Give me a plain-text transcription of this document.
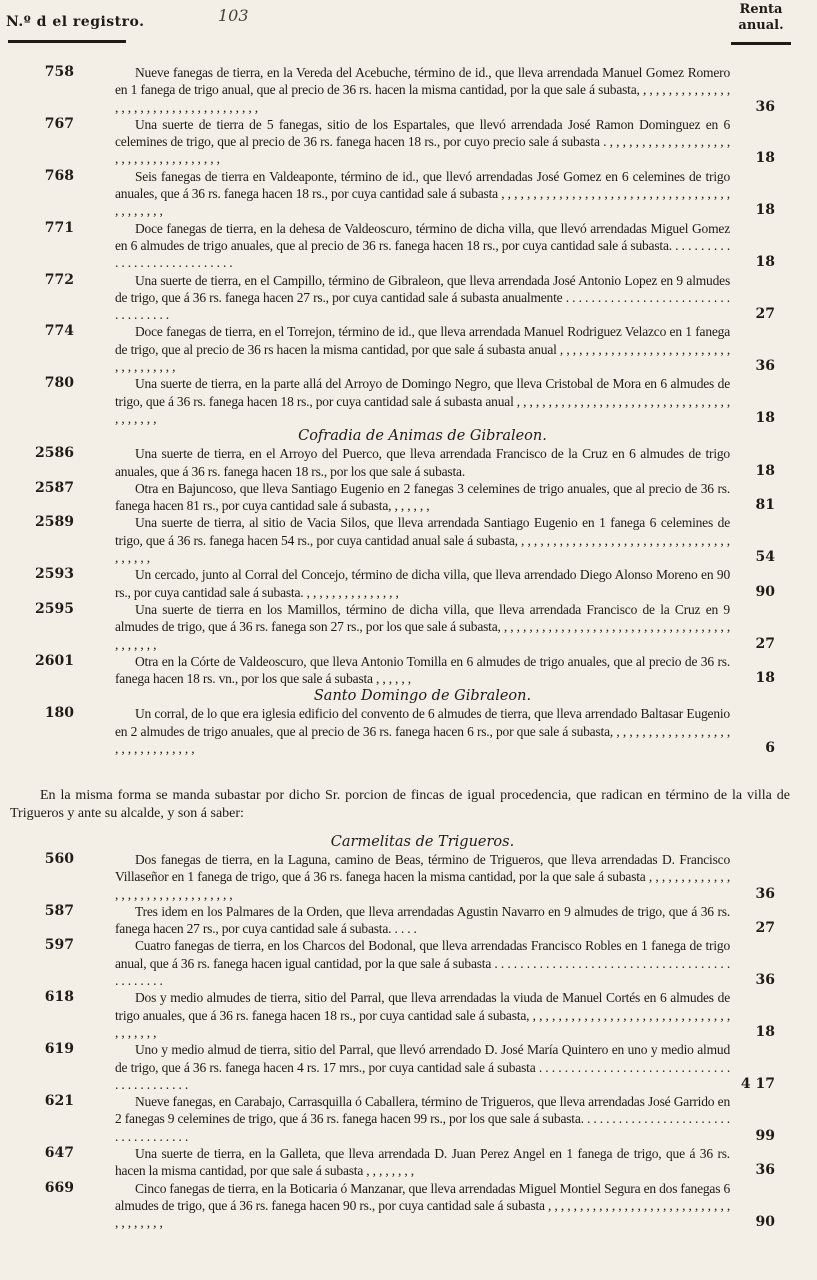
N.º d el registro.	103	Renta
anual.
758	Nueve fanegas de tierra, en la Vereda del Acebuche, término de id., que lleva arrendada Manuel Gomez Romero en 1 fanega de trigo anual, que al precio de 36 rs. hacen la misma cantidad, por la que sale á subasta, , , , , , , , , , , , , , , , , , , , , , , , , , , , , , , , , , , , , ,	36
767	Una suerte de tierra de 5 fanegas, sitio de los Espartales, que llevó arrendada José Ramon Dominguez en 6 celemines de trigo, que al precio de 36 rs. fanega hacen 18 rs., por cuyo precio sale á subasta . , , , , , , , , , , , , , , , , , , , , , , , , , , , , , , , , , , , ,	18
768	Seis fanegas de tierra en Valdeaponte, término de id., que llevó arrendadas José Gomez en 6 celemines de trigo anuales, que á 36 rs. fanega hacen 18 rs., por cuya cantidad sale á subasta , , , , , , , , , , , , , , , , , , , , , , , , , , , , , , , , , , , , , , , , , , , ,	18
771	Doce fanegas de tierra, en la dehesa de Valdeoscuro, término de dicha villa, que llevó arrendadas Miguel Gomez en 6 almudes de trigo anuales, que al precio de 36 rs. fanega hacen 18 rs., por cuya cantidad sale á subasta. . . . . . . . . . . . . . . . . . . . . . . . . . . . .	18
772	Una suerte de tierra, en el Campillo, término de Gibraleon, que lleva arrendada José Antonio Lopez en 9 almudes de trigo, que á 36 rs. fanega hacen 27 rs., por cuya cantidad sale á subasta anualmente . . . . . . . . . . . . . . . . . . . . . . . . . . . . . . . . . . .	27
774	Doce fanegas de tierra, en el Torrejon, término de id., que lleva arrendada Manuel Rodriguez Velazco en 1 fanega de trigo, que al precio de 36 rs hacen la misma cantidad, por que sale á subasta anual , , , , , , , , , , , , , , , , , , , , , , , , , , , , , , , , , , , , ,	36
780	Una suerte de tierra, en la parte allá del Arroyo de Domingo Negro, que lleva Cristobal de Mora en 6 almudes de trigo, que á 36 rs. fanega hacen 18 rs., por cuya cantidad sale á subasta anual , , , , , , , , , , , , , , , , , , , , , , , , , , , , , , , , , , , , , , , , ,	18
Cofradia de Animas de Gibraleon.
2586	Una suerte de tierra, en el Arroyo del Puerco, que lleva arrendada Francisco de la Cruz en 6 almudes de trigo anuales, que á 36 rs. fanega hacen 18 rs., por los que sale á subasta.	18
2587	Otra en Bajuncoso, que lleva Santiago Eugenio en 2 fanegas 3 celemines de trigo anuales, que al precio de 36 rs. fanega hacen 81 rs., por cuya cantidad sale á subasta, , , , , , ,	81
2589	Una suerte de tierra, al sitio de Vacia Silos, que lleva arrendada Santiago Eugenio en 1 fanega 6 celemines de trigo, que á 36 rs. fanega hacen 54 rs., por cuya cantidad anual sale á subasta, , , , , , , , , , , , , , , , , , , , , , , , , , , , , , , , , , , , , , , ,	54
2593	Un cercado, junto al Corral del Concejo, término de dicha villa, que lleva arrendado Diego Alonso Moreno en 90 rs., por cuya cantidad sale á subasta. , , , , , , , , , , , , , , ,	90
2595	Una suerte de tierra en los Mamillos, término de dicha villa, que lleva arrendada Francisco de la Cruz en 9 almudes de trigo, que á 36 rs. fanega son 27 rs., por los que sale á subasta, , , , , , , , , , , , , , , , , , , , , , , , , , , , , , , , , , , , , , , , , , , ,	27
2601	Otra en la Córte de Valdeoscuro, que lleva Antonio Tomilla en 6 almudes de trigo anuales, que al precio de 36 rs. fanega hacen 18 rs. vn., por los que sale á subasta , , , , , ,	18
Santo Domingo de Gibraleon.
180	Un corral, de lo que era iglesia edificio del convento de 6 almudes de tierra, que lleva arrendado Baltasar Eugenio en 2 almudes de trigo anuales, que al precio de 36 rs. fanega hacen 6 rs., por que sale á subasta, , , , , , , , , , , , , , , , , , , , , , , , , , , , , , , ,	6
En la misma forma se manda subastar por dicho Sr. porcion de fincas de igual procedencia, que radican en término de la villa de Trigueros y ante su alcalde, y son á saber:
Carmelitas de Trigueros.
560	Dos fanegas de tierra, en la Laguna, camino de Beas, término de Trigueros, que lleva arrendadas D. Francisco Villaseñor en 1 fanega de trigo, que á 36 rs. fanega hacen la misma cantidad, por la que sale á subasta , , , , , , , , , , , , , , , , , , , , , , , , , , , , , , , ,	36
587	Tres idem en los Palmares de la Orden, que lleva arrendadas Agustin Navarro en 9 almudes de trigo, que á 36 rs. fanega hacen 27 rs., por cuya cantidad sale á subasta. . . . .	27
597	Cuatro fanegas de tierra, en los Charcos del Bodonal, que lleva arrendadas Francisco Robles en 1 fanega de trigo anual, que á 36 rs. fanega hacen igual cantidad, por la que sale á subasta . . . . . . . . . . . . . . . . . . . . . . . . . . . . . . . . . . . . . . . . . . . . .	36
618	Dos y medio almudes de tierra, sitio del Parral, que lleva arrendadas la viuda de Manuel Cortés en 6 almudes de trigo anuales, que á 36 rs. fanega hacen 18 rs., por cuya cantidad sale á subasta, , , , , , , , , , , , , , , , , , , , , , , , , , , , , , , , , , , , , , ,	18
619	Uno y medio almud de tierra, sitio del Parral, que llevó arrendado D. José María Quintero en uno y medio almud de trigo, que á 36 rs. fanega hacen 4 rs. 17 mrs., por cuya cantidad sale á subasta . . . . . . . . . . . . . . . . . . . . . . . . . . . . . . . . . . . . . . . . . .	4 17
621	Nueve fanegas, en Carabajo, Carrasquilla ó Caballera, término de Trigueros, que lleva arrendadas José Garrido en 2 fanegas 9 celemines de trigo, que á 36 rs. fanega hacen 99 rs., por los que sale á subasta. . . . . . . . . . . . . . . . . . . . . . . . . . . . . . . . . . . .	99
647	Una suerte de tierra, en la Galleta, que lleva arrendada D. Juan Perez Angel en 1 fanega de trigo, que á 36 rs. hacen la misma cantidad, por que sale á subasta , , , , , , , ,	36
669	Cinco fanegas de tierra, en la Boticaria ó Manzanar, que lleva arrendadas Miguel Montiel Segura en dos fanegas 6 almudes de trigo, que á 36 rs. fanega hacen 90 rs., por cuya cantidad sale á subasta , , , , , , , , , , , , , , , , , , , , , , , , , , , , , , , , , , , , ,	90
